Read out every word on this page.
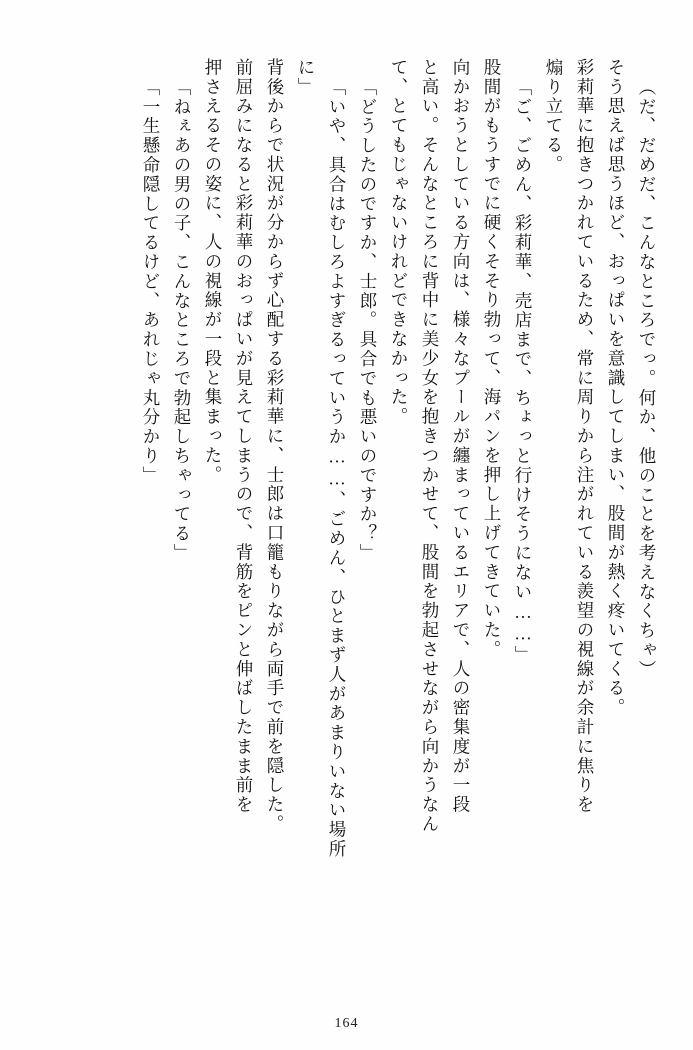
（だ、だめだ、こんなところでっ。何か、他のことを考えなくちゃ）
そう思えば思うほど、おっぱいを意識してしまい、股間が熱く疼いてくる。
彩莉華に抱きつかれているため、常に周りから注がれている羨望の視線が余計に焦りを
煽り立てる。
「ご、ごめん、彩莉華、売店まで、ちょっと行けそうにない……」
股間がもうすでに硬くそそり勃って、海パンを押し上げてきていた。
向かおうとしている方向は、様々なプールが纏まっているエリアで、人の密集度が一段
と高い。そんなところに背中に美少女を抱きつかせて、股間を勃起させながら向かうなん
て、とてもじゃないけれどできなかった。
「どうしたのですか、士郎。具合でも悪いのですか？」
「いや、具合はむしろよすぎるっていうか……、ごめん、ひとまず人があまりいない場所
に」
背後からで状況が分からず心配する彩莉華に、士郎は口籠もりながら両手で前を隠した。
前屈みになると彩莉華のおっぱいが見えてしまうので、背筋をピンと伸ばしたまま前を
押さえるその姿に、人の視線が一段と集まった。
「ねぇあの男の子、こんなところで勃起しちゃってる」
「一生懸命隠してるけど、あれじゃ丸分かり」
164
